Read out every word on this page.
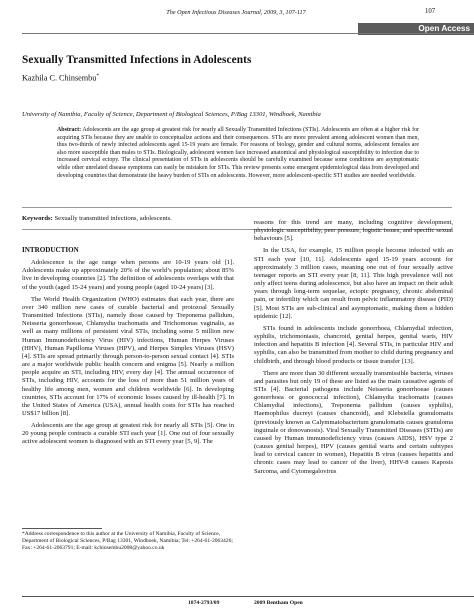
The Open Infectious Diseases Journal, 2009, 3, 107-117	107
Open Access
Sexually Transmitted Infections in Adolescents
Kazhila C. Chinsembu*
University of Namibia, Faculty of Science, Department of Biological Sciences, P/Bag 13301, Windhoek, Namibia
Abstract: Adolescents are the age group at greatest risk for nearly all Sexually Transmitted Infections (STIs). Adolescents are often at a higher risk for acquiring STIs because they are unable to conceptualize actions and their consequences. STIs are more prevalent among adolescent women than men, thus two-thirds of newly infected adolescents aged 15-19 years are female. For reasons of biology, gender and cultural norms, adolescent females are also more susceptible than males to STIs. Biologically, adolescent women face increased anatomical and physiological susceptibility to infection due to increased cervical ectopy. The clinical presentation of STIs in adolescents should be carefully examined because some conditions are asymptomatic while other unrelated disease symptoms can easily be mistaken for STIs. This review presents some emergent epidemiological data from developed and developing countries that demonstrate the heavy burden of STIs on adolescents. However, more adolescent-specific STI studies are needed worldwide.
Keywords: Sexually transmitted infections, adolescents.
INTRODUCTION

Adolescence is the age range when persons are 10-19 years old [1]. Adolescents make up approximately 20% of the world’s population; about 85% live in developing countries [2]. The definition of adolescents overlaps with that of the youth (aged 15-24 years) and young people (aged 10-24 years) [3].

The World Health Organization (WHO) estimates that each year, there are over 340 million new cases of curable bacterial and protozoal Sexually Transmitted Infections (STIs), namely those caused by Treponema pallidum, Neisseria gonorrhoeae, Chlamydia trachomatis and Trichomonas vaginalis, as well as many millions of persistent viral STIs, including some 5 million new Human Immunodeficiency Virus (HIV) infections, Human Herpes Viruses (HHV), Human Papilloma Viruses (HPV), and Herpes Simplex Viruses (HSV) [4]. STIs are spread primarily through person-to-person sexual contact [4]. STIs are a major worldwide public health concern and enigma [5]. Nearly a million people acquire an STI, including HIV, every day [4]. The annual occurrence of STIs, including HIV, accounts for the loss of more than 51 million years of healthy life among men, women and children worldwide [6]. In developing countries, STIs account for 17% of economic losses caused by ill-health [7]. In the United States of America (USA), annual health costs for STIs has reached US$17 billion [8].

Adolescents are the age group at greatest risk for nearly all STIs [5]. One in 20 young people contracts a curable STI each year [1]. One out of four sexually active adolescent women is diagnosed with an STI every year [5, 9]. The

*Address correspondence to this author at the University of Namibia, Faculty of Science, Department of Biological Sciences, P/Bag 13301, Windhoek, Namibia; Tel: +264-61-2063426; Fax: +264-61-2063791; E-mail: kchinsembu2008@yahoo.co.uk

reasons for this trend are many, including cognitive development, physiologic susceptibility, peer pressure, logistic issues, and specific sexual behaviours [5].

In the USA, for example, 15 million people become infected with an STI each year [10, 11]. Adolescents aged 15-19 years account for approximately 3 million cases, meaning one out of four sexually active teenager reports an STI every year [8, 11]. This high prevalence will not only affect teens during adolescence, but also have an impact on their adult years through long-term sequelae, ectopic pregnancy, chronic abdominal pain, or infertility which can result from pelvic inflammatory disease (PID) [5]. Most STIs are sub-clinical and asymptomatic, making them a hidden epidemic [12].

STIs found in adolescents include gonorrhoea, Chlamydial infection, syphilis, trichomoniasis, chancroid, genital herpes, genital warts, HIV infection and hepatitis B infection [4]. Several STIs, in particular HIV and syphilis, can also be transmitted from mother to child during pregnancy and childbirth, and through blood products or tissue transfer [13].

There are more than 30 different sexually transmissible bacteria, viruses and parasites but only 19 of these are listed as the main causative agents of STIs [4]. Bacterial pathogens include Neisseria gonorrhoeae (causes gonorrhoea or gonococcal infection), Chlamydia trachomatis (causes Chlamydial infections), Treponema pallidum (causes syphilis), Haemophilus ducreyi (causes chancroid), and Klebsiella granulomatis (previously known as Calymmatobacterium granulomatis causes granuloma inguinale or donovanosis). Viral Sexually Transmitted Diseases (STDs) are caused by Human immunodeficiency virus (causes AIDS), HSV type 2 (causes genital herpes), HPV (causes genital warts and certain subtypes lead to cervical cancer in women), Hepatitis B virus (causes hepatitis and chronic cases may lead to cancer of the liver), HHV-8 causes Kaposis Sarcoma, and Cytomegalovirus

1874-2793/09	2009 Bentham Open
